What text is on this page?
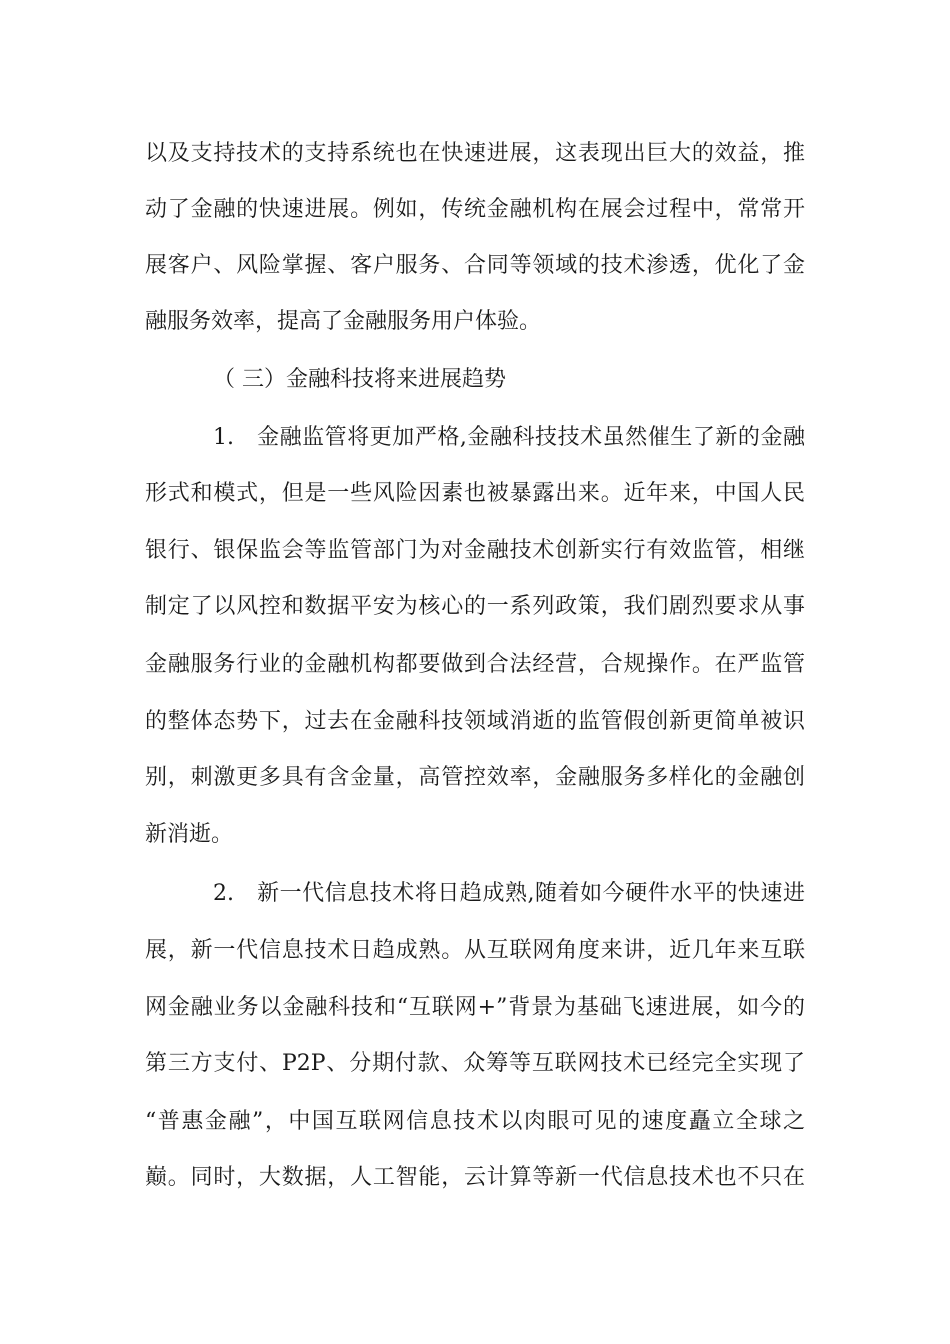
以及支持技术的支持系统也在快速进展，这表现出巨大的效益，推
动了金融的快速进展。例如，传统金融机构在展会过程中，常常开
展客户、风险掌握、客户服务、合同等领域的技术渗透，优化了金
融服务效率，提高了金融服务用户体验。
（ 三）金融科技将来进展趋势
1.　金融监管将更加严格,金融科技技术虽然催生了新的金融
形式和模式，但是一些风险因素也被暴露出来。近年来，中国人民
银行、银保监会等监管部门为对金融技术创新实行有效监管，相继
制定了以风控和数据平安为核心的一系列政策，我们剧烈要求从事
金融服务行业的金融机构都要做到合法经营，合规操作。在严监管
的整体态势下，过去在金融科技领域消逝的监管假创新更简单被识
别，刺激更多具有含金量，高管控效率，金融服务多样化的金融创
新消逝。
2.　新一代信息技术将日趋成熟,随着如今硬件水平的快速进
展，新一代信息技术日趋成熟。从互联网角度来讲，近几年来互联
网金融业务以金融科技和“互联网+”背景为基础飞速进展，如今的
第三方支付、P2P、分期付款、众筹等互联网技术已经完全实现了
“普惠金融”，中国互联网信息技术以肉眼可见的速度矗立全球之
巅。同时，大数据，人工智能，云计算等新一代信息技术也不只在
